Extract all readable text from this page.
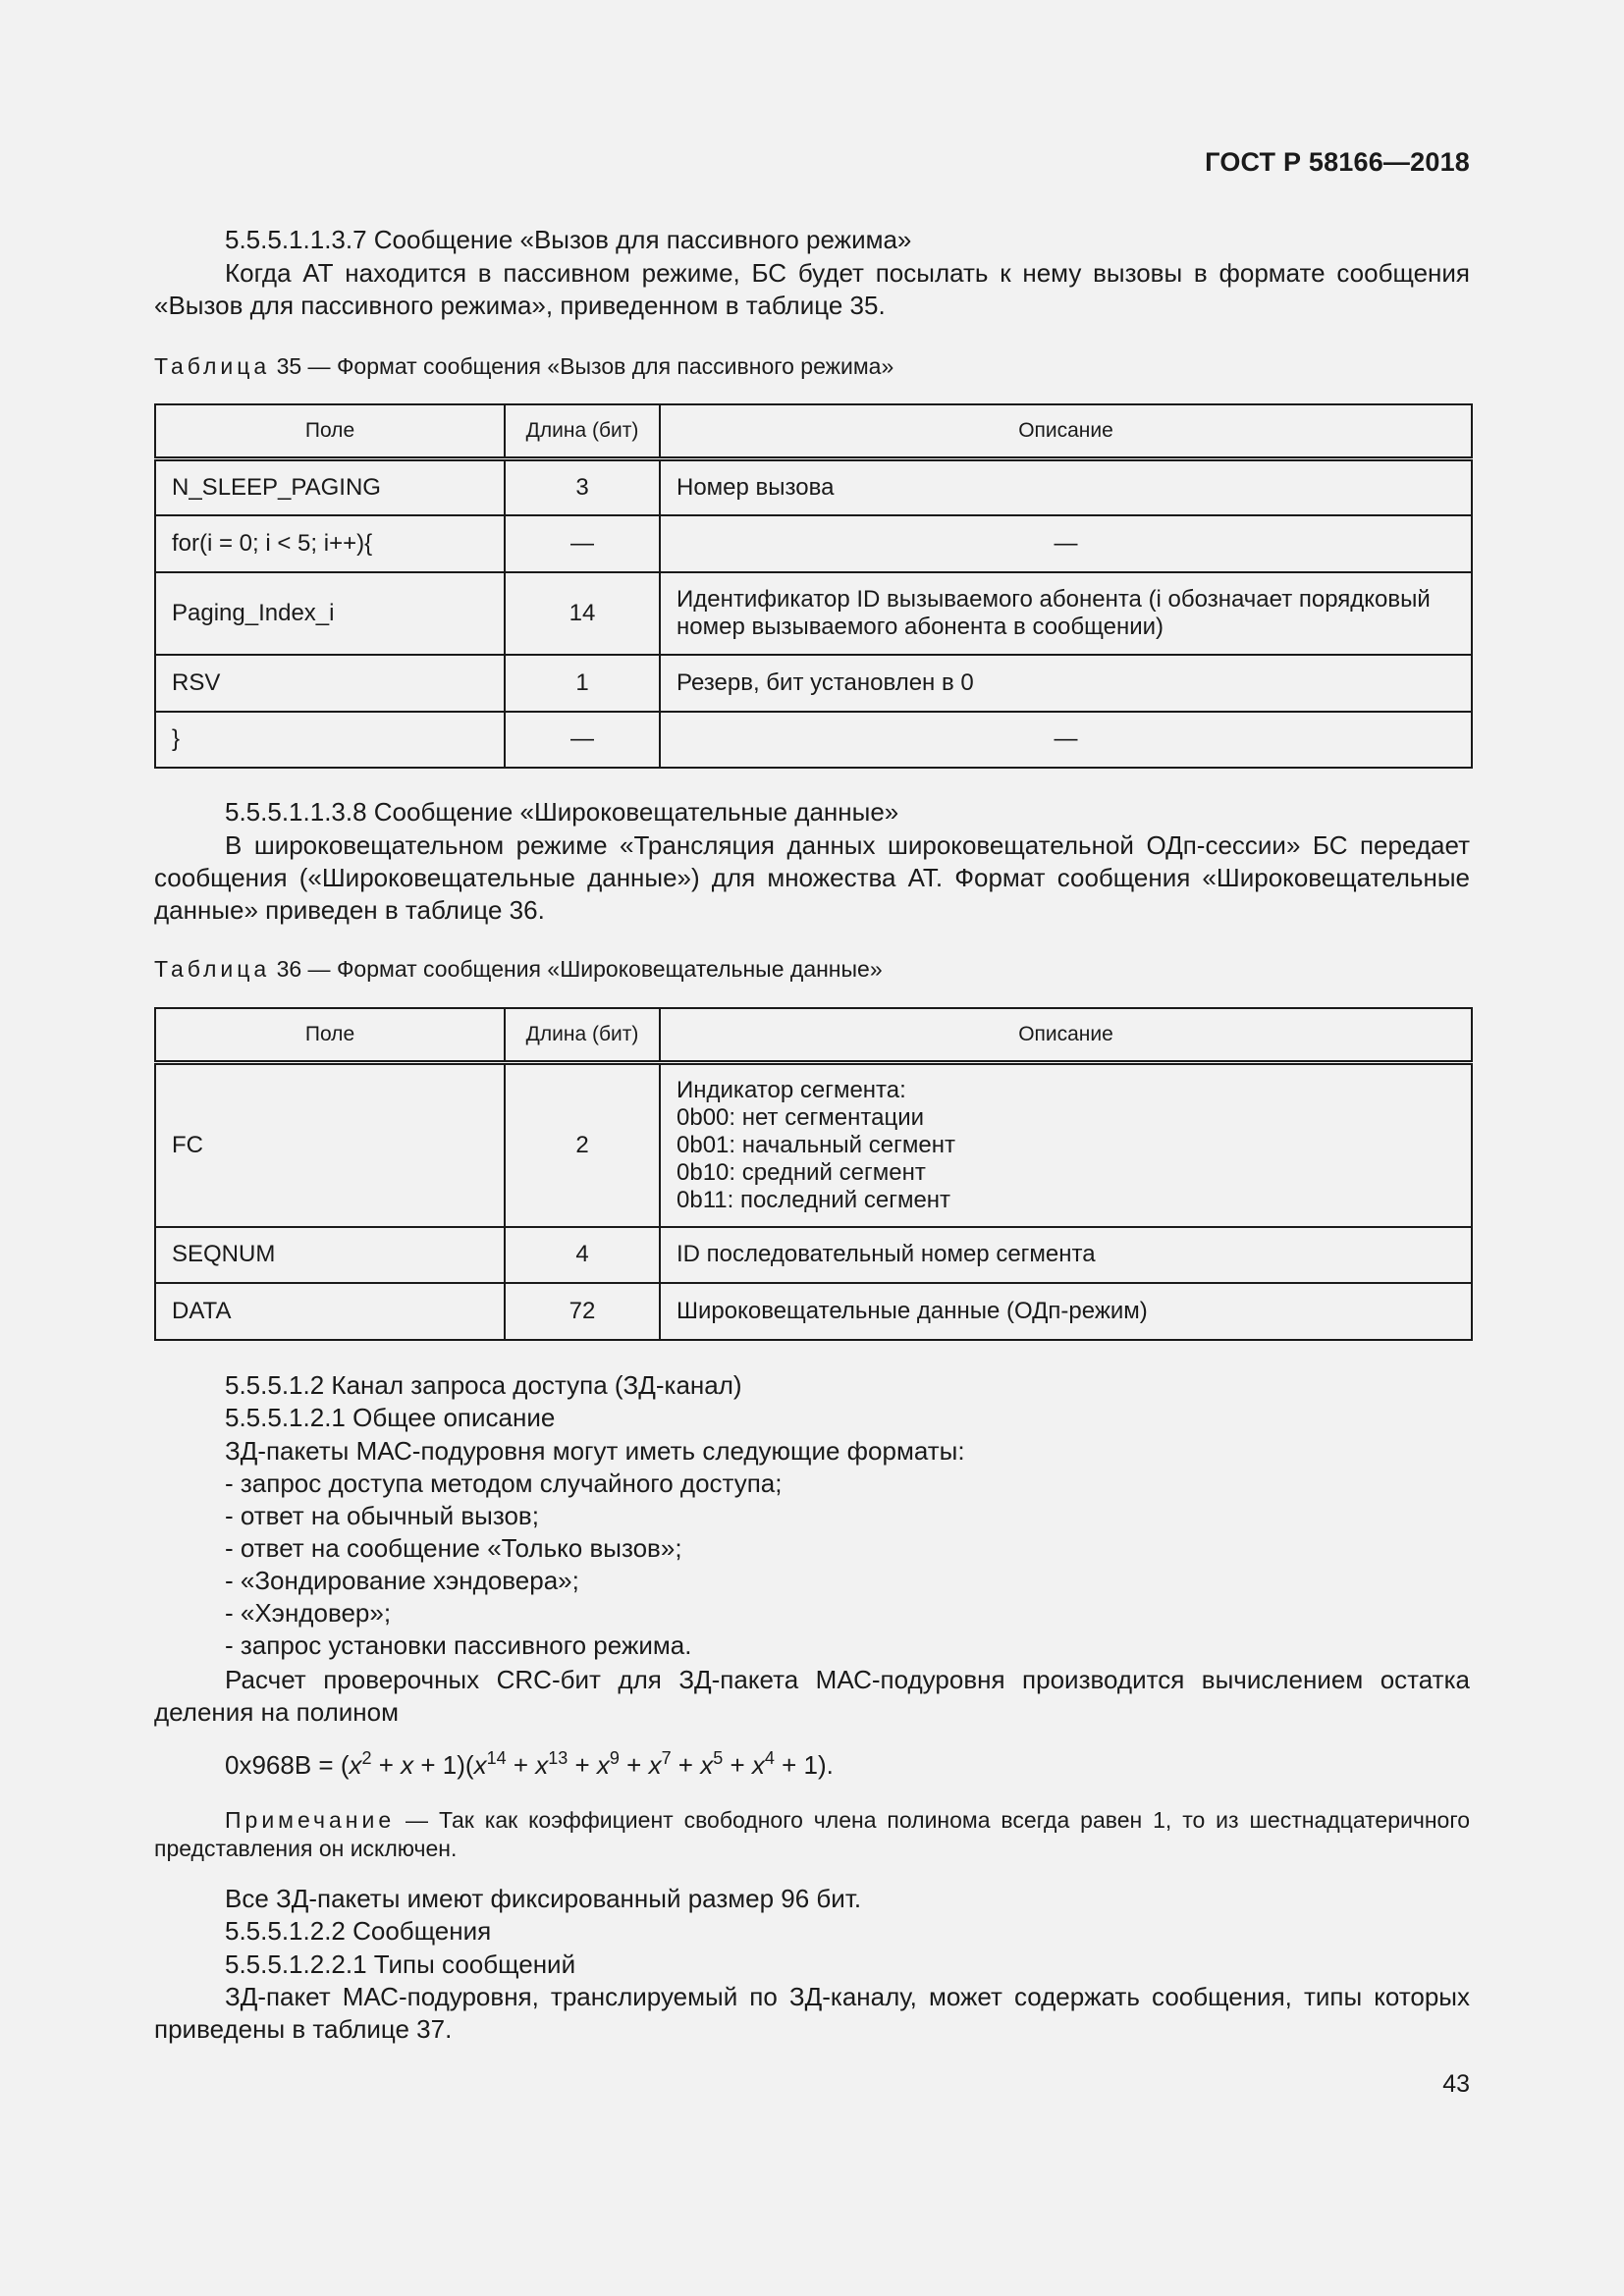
ГОСТ Р 58166—2018
5.5.5.1.1.3.7 Сообщение «Вызов для пассивного режима»
Когда АТ находится в пассивном режиме, БС будет посылать к нему вызовы в формате сообщения «Вызов для пассивного режима», приведенном в таблице 35.
Таблица 35 — Формат сообщения «Вызов для пассивного режима»
Поле	Длина (бит)	Описание
N_SLEEP_PAGING	3	Номер вызова
for(i = 0; i < 5; i++){	—	—
Paging_Index_i	14	Идентификатор ID вызываемого абонента (i обозначает порядковый номер вызываемого абонента в сообщении)
RSV	1	Резерв, бит установлен в 0
}	—	—
5.5.5.1.1.3.8 Сообщение «Широковещательные данные»
В широковещательном режиме «Трансляция данных широковещательной ОДп-сессии» БС передает сообщения («Широковещательные данные») для множества АТ. Формат сообщения «Широковещательные данные» приведен в таблице 36.
Таблица 36 — Формат сообщения «Широковещательные данные»
Поле	Длина (бит)	Описание
FC	2	Индикатор сегмента:
0b00: нет сегментации
0b01: начальный сегмент
0b10: средний сегмент
0b11: последний сегмент

SEQNUM	4	ID последовательный номер сегмента
DATA	72	Широковещательные данные (ОДп-режим)
5.5.5.1.2 Канал запроса доступа (ЗД-канал)
5.5.5.1.2.1 Общее описание
ЗД-пакеты МАС-подуровня могут иметь следующие форматы:
- запрос доступа методом случайного доступа;
- ответ на обычный вызов;
- ответ на сообщение «Только вызов»;
- «Зондирование хэндовера»;
- «Хэндовер»;
- запрос установки пассивного режима.
Расчет проверочных CRC-бит для ЗД-пакета МАС-подуровня производится вычислением остатка деления на полином
$0x968B = (x^2 + x + 1)(x^{14} + x^{13} + x^9 + x^7 + x^5 + x^4 + 1)$.
Примечание — Так как коэффициент свободного члена полинома всегда равен 1, то из шестнадцатеричного представления он исключен.
Все ЗД-пакеты имеют фиксированный размер 96 бит.
5.5.5.1.2.2 Сообщения
5.5.5.1.2.2.1 Типы сообщений
ЗД-пакет МАС-подуровня, транслируемый по ЗД-каналу, может содержать сообщения, типы которых приведены в таблице 37.
43
